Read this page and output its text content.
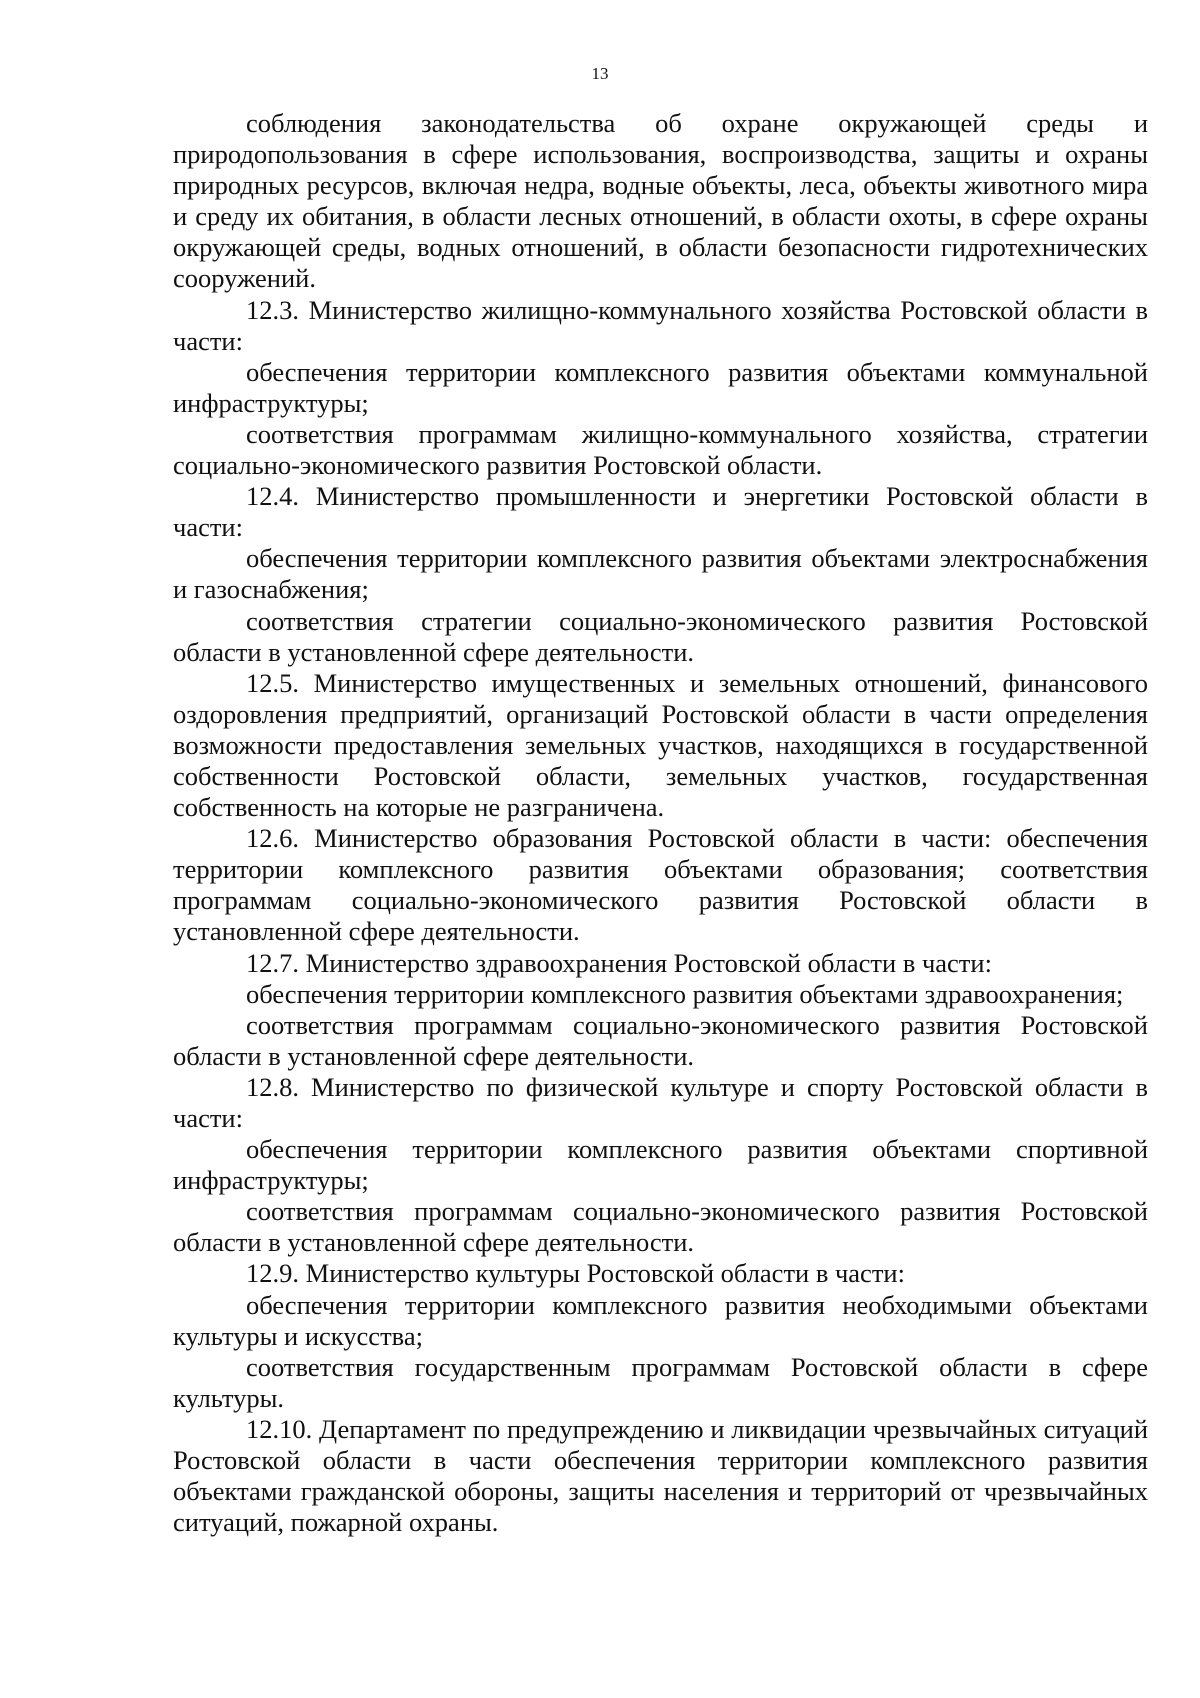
13

соблюдения законодательства об охране окружающей среды и природопользования в сфере использования, воспроизводства, защиты и охраны природных ресурсов, включая недра, водные объекты, леса, объекты животного мира и среду их обитания, в области лесных отношений, в области охоты, в сфере охраны окружающей среды, водных отношений, в области безопасности гидротехнических сооружений.

12.3. Министерство жилищно-коммунального хозяйства Ростовской области в части:

обеспечения территории комплексного развития объектами коммунальной инфраструктуры;

соответствия программам жилищно-коммунального хозяйства, стратегии социально-экономического развития Ростовской области.

12.4. Министерство промышленности и энергетики Ростовской области в части:

обеспечения территории комплексного развития объектами электроснабжения и газоснабжения;

соответствия стратегии социально-экономического развития Ростовской области в установленной сфере деятельности.

12.5. Министерство имущественных и земельных отношений, финансового оздоровления предприятий, организаций Ростовской области в части определения возможности предоставления земельных участков, находящихся в государственной собственности Ростовской области, земельных участков, государственная собственность на которые не разграничена.

12.6. Министерство образования Ростовской области в части: обеспечения территории комплексного развития объектами образования; соответствия программам социально-экономического развития Ростовской области в установленной сфере деятельности.

12.7. Министерство здравоохранения Ростовской области в части:

обеспечения территории комплексного развития объектами здравоохранения;

соответствия программам социально-экономического развития Ростовской области в установленной сфере деятельности.

12.8. Министерство по физической культуре и спорту Ростовской области в части:

обеспечения территории комплексного развития объектами спортивной инфраструктуры;

соответствия программам социально-экономического развития Ростовской области в установленной сфере деятельности.

12.9. Министерство культуры Ростовской области в части:

обеспечения территории комплексного развития необходимыми объектами культуры и искусства;

соответствия государственным программам Ростовской области в сфере культуры.

12.10. Департамент по предупреждению и ликвидации чрезвычайных ситуаций Ростовской области в части обеспечения территории комплексного развития объектами гражданской обороны, защиты населения и территорий от чрезвычайных ситуаций, пожарной охраны.
